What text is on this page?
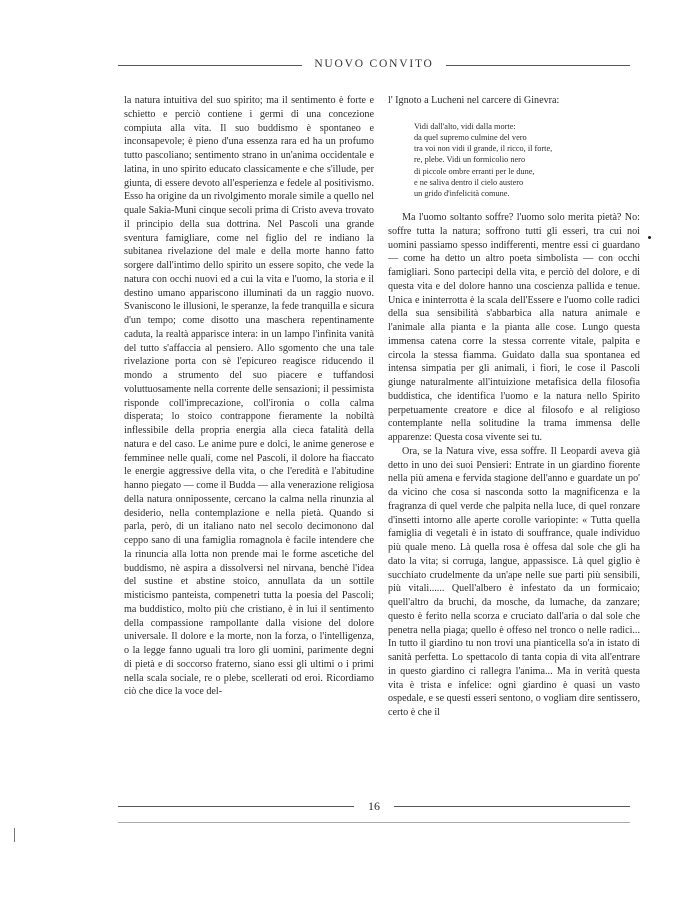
NUOVO CONVITO

la natura intuitiva del suo spirito; ma il sentimento è forte e schietto e perciò contiene i germi di una concezione compiuta alla vita. Il suo buddismo è spontaneo e inconsapevole; è pieno d'una essenza rara ed ha un profumo tutto pascoliano; sentimento strano in un'anima occidentale e latina, in uno spirito educato classicamente e che s'illude, per giunta, di essere devoto all'esperienza e fedele al positivismo. Esso ha origine da un rivolgimento morale simile a quello nel quale Sakia-Muni cinque secoli prima di Cristo aveva trovato il principio della sua dottrina. Nel Pascoli una grande sventura famigliare, come nel figlio del re indiano la subitanea rivelazione del male e della morte hanno fatto sorgere dall'intimo dello spirito un essere sopito, che vede la natura con occhi nuovi ed a cui la vita e l'uomo, la storia e il destino umano appariscono illuminati da un raggio nuovo. Svaniscono le illusioni, le speranze, la fede tranquilla e sicura d'un tempo; come disotto una maschera repentinamente caduta, la realtà apparisce intera: in un lampo l'infinita vanità del tutto s'affaccia al pensiero. Allo sgomento che una tale rivelazione porta con sè l'epicureo reagisce riducendo il mondo a strumento del suo piacere e tuffandosi voluttuosamente nella corrente delle sensazioni; il pessimista risponde coll'imprecazione, coll'ironia o colla calma disperata; lo stoico contrappone fieramente la nobiltà inflessibile della propria energia alla cieca fatalità della natura e del caso. Le anime pure e dolci, le anime generose e femminee nelle quali, come nel Pascoli, il dolore ha fiaccato le energie aggressive della vita, o che l'eredità e l'abitudine hanno piegato — come il Budda — alla venerazione religiosa della natura onnipossente, cercano la calma nella rinunzia al desiderio, nella contemplazione e nella pietà. Quando si parla, però, di un italiano nato nel secolo decimonono dal ceppo sano di una famiglia romagnola è facile intendere che la rinuncia alla lotta non prende mai le forme ascetiche del buddismo, nè aspira a dissolversi nel nirvana, benchè l'idea del sustine et abstine stoico, annullata da un sottile misticismo panteista, compenetri tutta la poesia del Pascoli; ma buddistico, molto più che cristiano, è in lui il sentimento della compassione rampollante dalla visione del dolore universale. Il dolore e la morte, non la forza, o l'intelligenza, o la legge fanno uguali tra loro gli uomini, parimente degni di pietà e di soccorso fraterno, siano essi gli ultimi o i primi nella scala sociale, re o plebe, scellerati od eroi. Ricordiamo ciò che dice la voce del-

l' Ignoto a Lucheni nel carcere di Ginevra:

Vidi dall'alto, vidi dalla morte:
da quel supremo culmine del vero
tra voi non vidi il grande, il ricco, il forte,
re, plebe. Vidi un formicolio nero
di piccole ombre erranti per le dune,
e ne saliva dentro il cielo austero
un grido d'infelicità comune.

Ma l'uomo soltanto soffre? l'uomo solo merita pietà? No: soffre tutta la natura; soffrono tutti gli esseri, tra cui noi uomini passiamo spesso indifferenti, mentre essi ci guardano — come ha detto un altro poeta simbolista — con occhi famigliari. Sono partecipi della vita, e perciò del dolore, e di questa vita e del dolore hanno una coscienza pallida e tenue. Unica e ininterrotta è la scala dell'Essere e l'uomo colle radici della sua sensibilità s'abbarbica alla natura animale e l'animale alla pianta e la pianta alle cose. Lungo questa immensa catena corre la stessa corrente vitale, palpita e circola la stessa fiamma. Guidato dalla sua spontanea ed intensa simpatia per gli animali, i fiori, le cose il Pascoli giunge naturalmente all'intuizione metafisica della filosofia buddistica, che identifica l'uomo e la natura nello Spirito perpetuamente creatore e dice al filosofo e al religioso contemplante nella solitudine la trama immensa delle apparenze: Questa cosa vivente sei tu.

Ora, se la Natura vive, essa soffre. Il Leopardi aveva già detto in uno dei suoi Pensieri: Entrate in un giardino fiorente nella più amena e fervida stagione dell'anno e guardate un po' da vicino che cosa si nasconda sotto la magnificenza e la fragranza di quel verde che palpita nella luce, di quel ronzare d'insetti intorno alle aperte corolle variopinte: « Tutta quella famiglia di vegetali è in istato di souffrance, quale individuo più quale meno. Là quella rosa è offesa dal sole che gli ha dato la vita; si corruga, langue, appassisce. Là quel giglio è succhiato crudelmente da un'ape nelle sue parti più sensibili, più vitali...... Quell'albero è infestato da un formicaio; quell'altro da bruchi, da mosche, da lumache, da zanzare; questo è ferito nella scorza e cruciato dall'aria o dal sole che penetra nella piaga; quello è offeso nel tronco o nelle radici... In tutto il giardino tu non trovi una pianticella so'a in istato di sanità perfetta. Lo spettacolo di tanta copia di vita all'entrare in questo giardino ci rallegra l'anima... Ma in verità questa vita è trista e infelice: ogni giardino è quasi un vasto ospedale, e se questi esseri sentono, o vogliam dire sentissero, certo è che il

16
